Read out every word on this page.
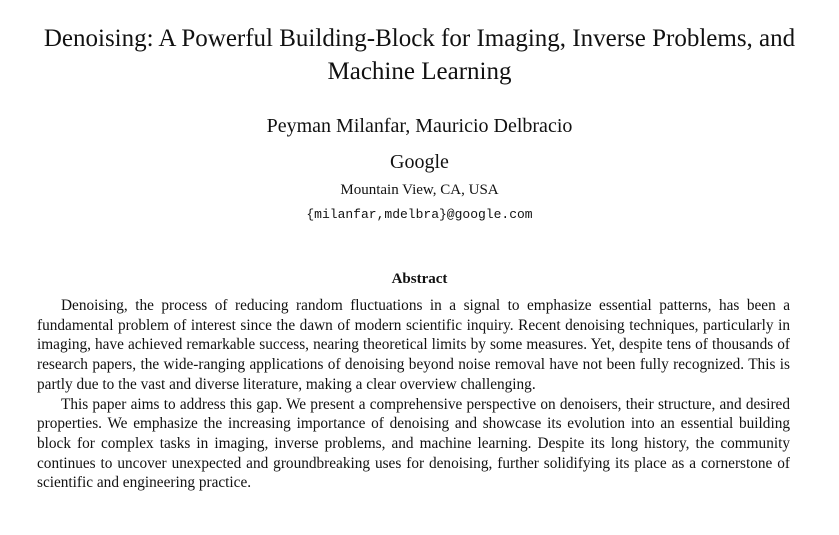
Denoising: A Powerful Building-Block for Imaging, Inverse Problems, and Machine Learning
Peyman Milanfar, Mauricio Delbracio
Google
Mountain View, CA, USA
{milanfar,mdelbra}@google.com
Abstract

Denoising, the process of reducing random fluctuations in a signal to emphasize essential patterns, has been a fundamental problem of interest since the dawn of modern scientific inquiry. Recent denoising techniques, particularly in imaging, have achieved remarkable success, nearing theoretical limits by some measures. Yet, despite tens of thousands of research papers, the wide-ranging applications of denoising beyond noise removal have not been fully recognized. This is partly due to the vast and diverse literature, making a clear overview challenging.

This paper aims to address this gap. We present a comprehensive perspective on denoisers, their structure, and desired properties. We emphasize the increasing importance of denoising and showcase its evolution into an essential building block for complex tasks in imaging, inverse problems, and machine learning. Despite its long history, the community continues to uncover unexpected and groundbreaking uses for denoising, further solidifying its place as a cornerstone of scientific and engineering practice.
